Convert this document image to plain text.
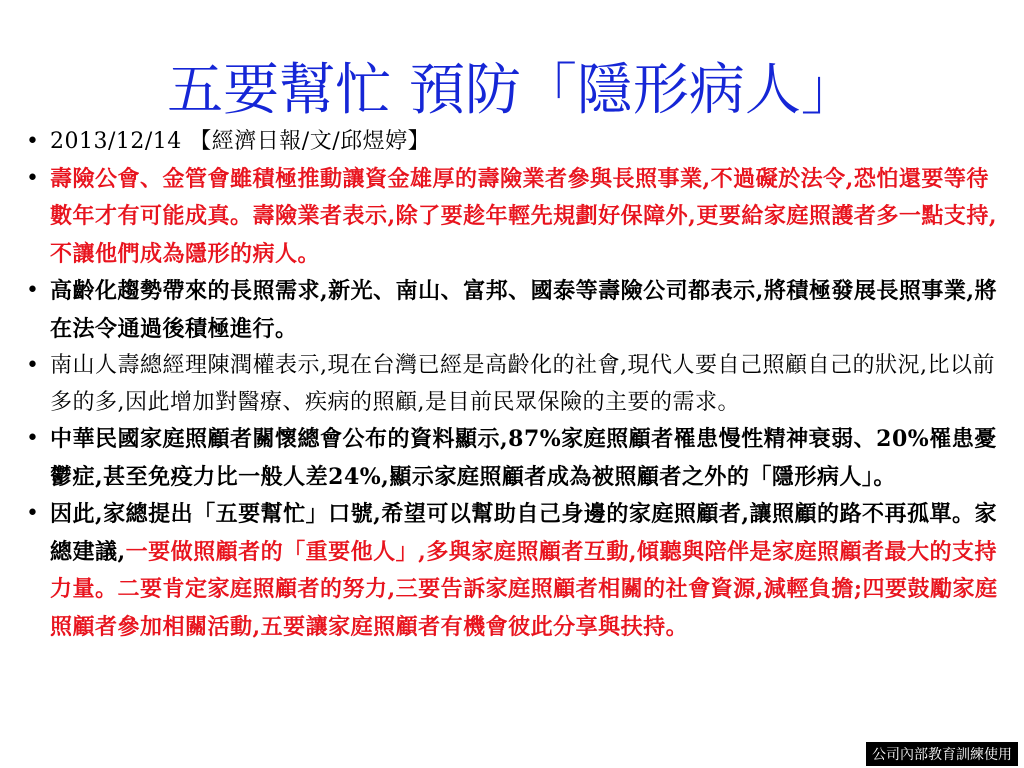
五要幫忙 預防「隱形病人」
• 2013/12/14 【經濟日報/文/邱煜婷】
• 壽險公會、金管會雖積極推動讓資金雄厚的壽險業者參與長照事業,不過礙於法令,恐怕還要等待數年才有可能成真。壽險業者表示,除了要趁年輕先規劃好保障外,更要給家庭照護者多一點支持,不讓他們成為隱形的病人。
• 高齡化趨勢帶來的長照需求,新光、南山、富邦、國泰等壽險公司都表示,將積極發展長照事業,將在法令通過後積極進行。
• 南山人壽總經理陳潤權表示,現在台灣已經是高齡化的社會,現代人要自己照顧自己的狀況,比以前多的多,因此增加對醫療、疾病的照顧,是目前民眾保險的主要的需求。
• 中華民國家庭照顧者關懷總會公布的資料顯示,87%家庭照顧者罹患慢性精神衰弱、20%罹患憂鬱症,甚至免疫力比一般人差24%,顯示家庭照顧者成為被照顧者之外的「隱形病人」。
• 因此,家總提出「五要幫忙」口號,希望可以幫助自己身邊的家庭照顧者,讓照顧的路不再孤單。家總建議,一要做照顧者的「重要他人」,多與家庭照顧者互動,傾聽與陪伴是家庭照顧者最大的支持力量。二要肯定家庭照顧者的努力,三要告訴家庭照顧者相關的社會資源,減輕負擔;四要鼓勵家庭照顧者參加相關活動,五要讓家庭照顧者有機會彼此分享與扶持。
公司內部教育訓練使用
